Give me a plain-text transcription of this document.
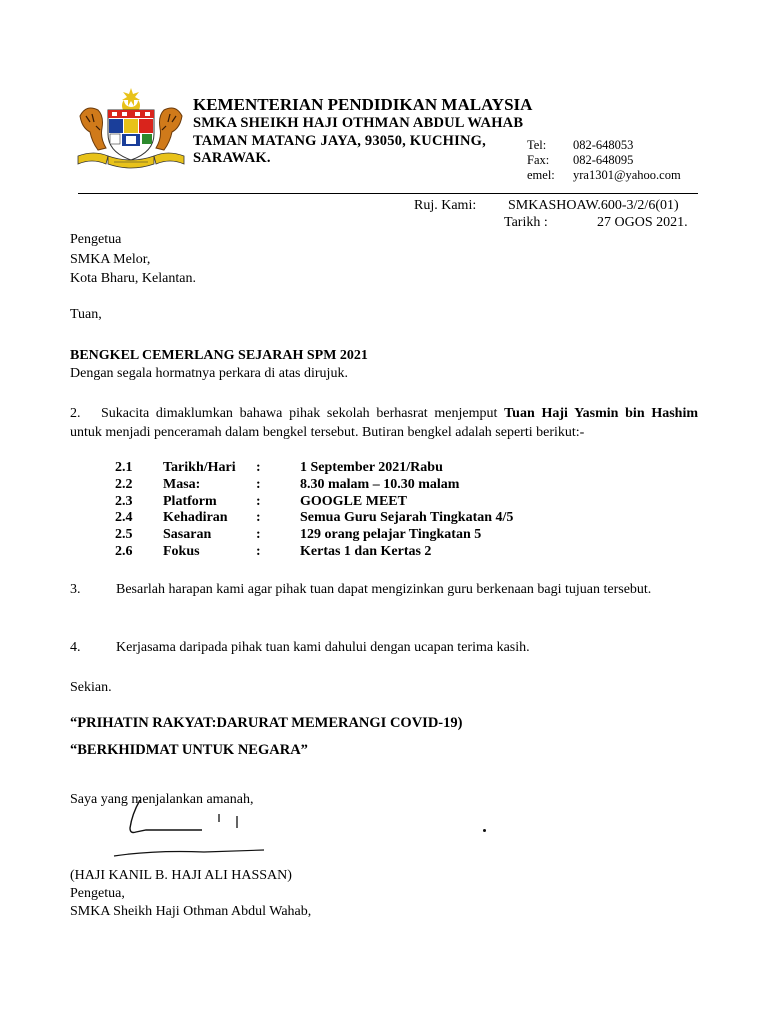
KEMENTERIAN PENDIDIKAN MALAYSIA
SMKA SHEIKH HAJI OTHMAN ABDUL WAHAB
TAMAN MATANG JAYA, 93050, KUCHING,
SARAWAK.
Tel: 082-648053
Fax: 082-648095
emel: yra1301@yahoo.com
Ruj. Kami: SMKASHOAW.600-3/2/6(01)
Tarikh :	27 OGOS 2021.
Pengetua
SMKA Melor,
Kota Bharu, Kelantan.
Tuan,
BENGKEL CEMERLANG SEJARAH SPM 2021
Dengan segala hormatnya perkara di atas dirujuk.
2. Sukacita dimaklumkan bahawa pihak sekolah berhasrat menjemput Tuan Haji Yasmin bin Hashim untuk menjadi penceramah dalam bengkel tersebut. Butiran bengkel adalah seperti berikut:-
2.1	Tarikh/Hari	:	1 September 2021/Rabu
2.2	Masa:	:	8.30 malam – 10.30 malam
2.3	Platform	:	GOOGLE MEET
2.4	Kehadiran	:	Semua Guru Sejarah Tingkatan 4/5
2.5	Sasaran	:	129 orang pelajar Tingkatan 5
2.6	Fokus	:	Kertas 1 dan Kertas 2
3.	Besarlah harapan kami agar pihak tuan dapat mengizinkan guru berkenaan bagi tujuan tersebut.
4.	Kerjasama daripada pihak tuan kami dahului dengan ucapan terima kasih.
Sekian.
“PRIHATIN RAKYAT:DARURAT MEMERANGI COVID-19)
“BERKHIDMAT UNTUK NEGARA”
Saya yang menjalankan amanah,
(HAJI KANIL B. HAJI ALI HASSAN)
Pengetua,
SMKA Sheikh Haji Othman Abdul Wahab,
